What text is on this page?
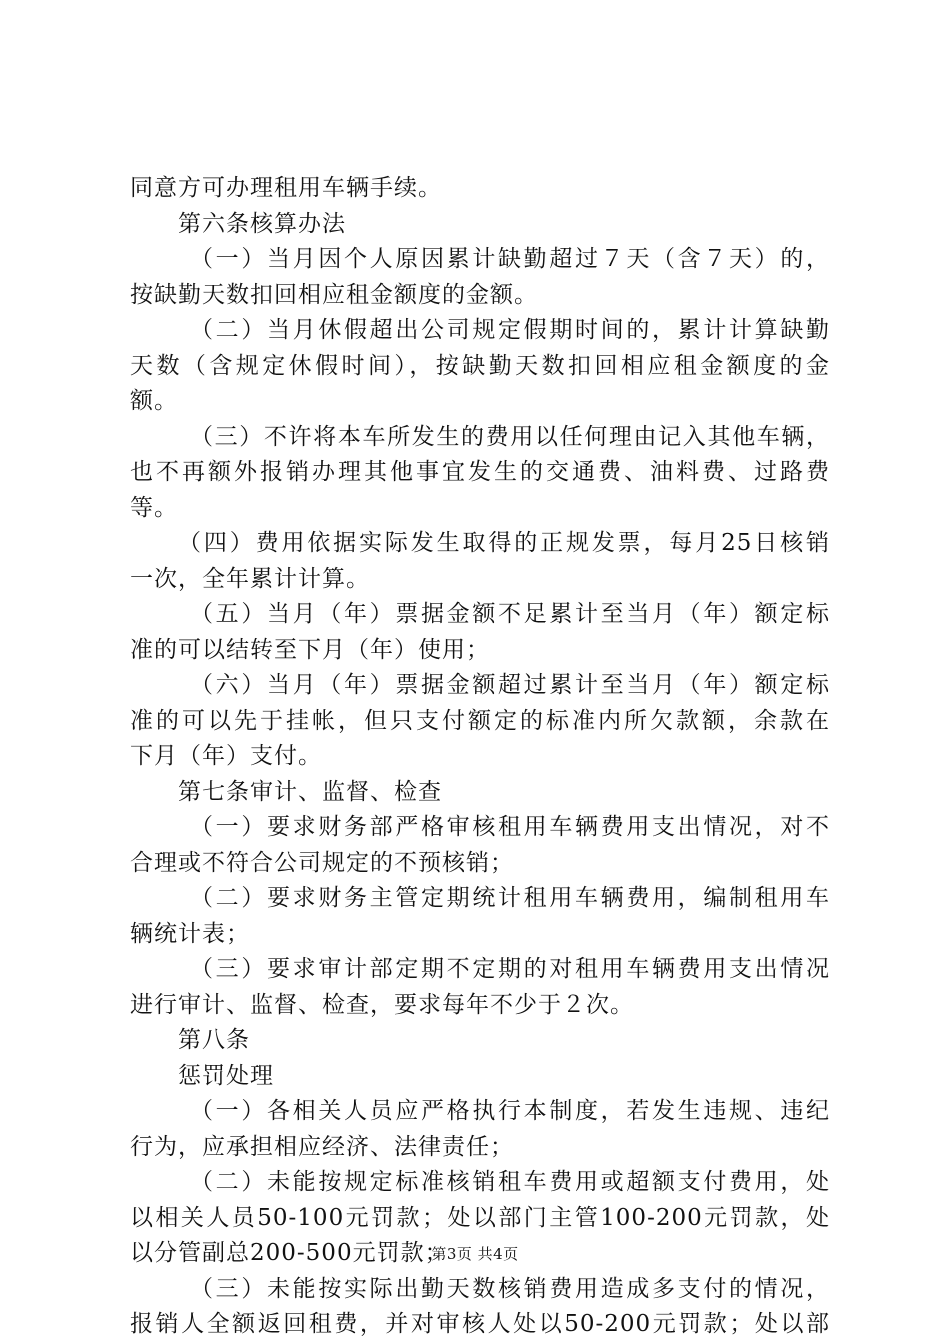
同意方可办理租用车辆手续。
第六条核算办法
（一）当月因个人原因累计缺勤超过７天（含７天）的，
按缺勤天数扣回相应租金额度的金额。
（二）当月休假超出公司规定假期时间的，累计计算缺勤
天数（含规定休假时间），按缺勤天数扣回相应租金额度的金
额。
（三）不许将本车所发生的费用以任何理由记入其他车辆，
也不再额外报销办理其他事宜发生的交通费、油料费、过路费
等。
（四）费用依据实际发生取得的正规发票，每月25日核销
一次，全年累计计算。
（五）当月（年）票据金额不足累计至当月（年）额定标
准的可以结转至下月（年）使用；
（六）当月（年）票据金额超过累计至当月（年）额定标
准的可以先于挂帐，但只支付额定的标准内所欠款额，余款在
下月（年）支付。
第七条审计、监督、检查
（一）要求财务部严格审核租用车辆费用支出情况，对不
合理或不符合公司规定的不预核销；
（二）要求财务主管定期统计租用车辆费用，编制租用车
辆统计表；
（三）要求审计部定期不定期的对租用车辆费用支出情况
进行审计、监督、检查，要求每年不少于２次。
第八条
惩罚处理
（一）各相关人员应严格执行本制度，若发生违规、违纪
行为，应承担相应经济、法律责任；
（二）未能按规定标准核销租车费用或超额支付费用，处
以相关人员50-100元罚款；处以部门主管100-200元罚款，处
以分管副总200-500元罚款；
（三）未能按实际出勤天数核销费用造成多支付的情况，
报销人全额返回租费，并对审核人处以50-200元罚款；处以部
第3页 共4页
